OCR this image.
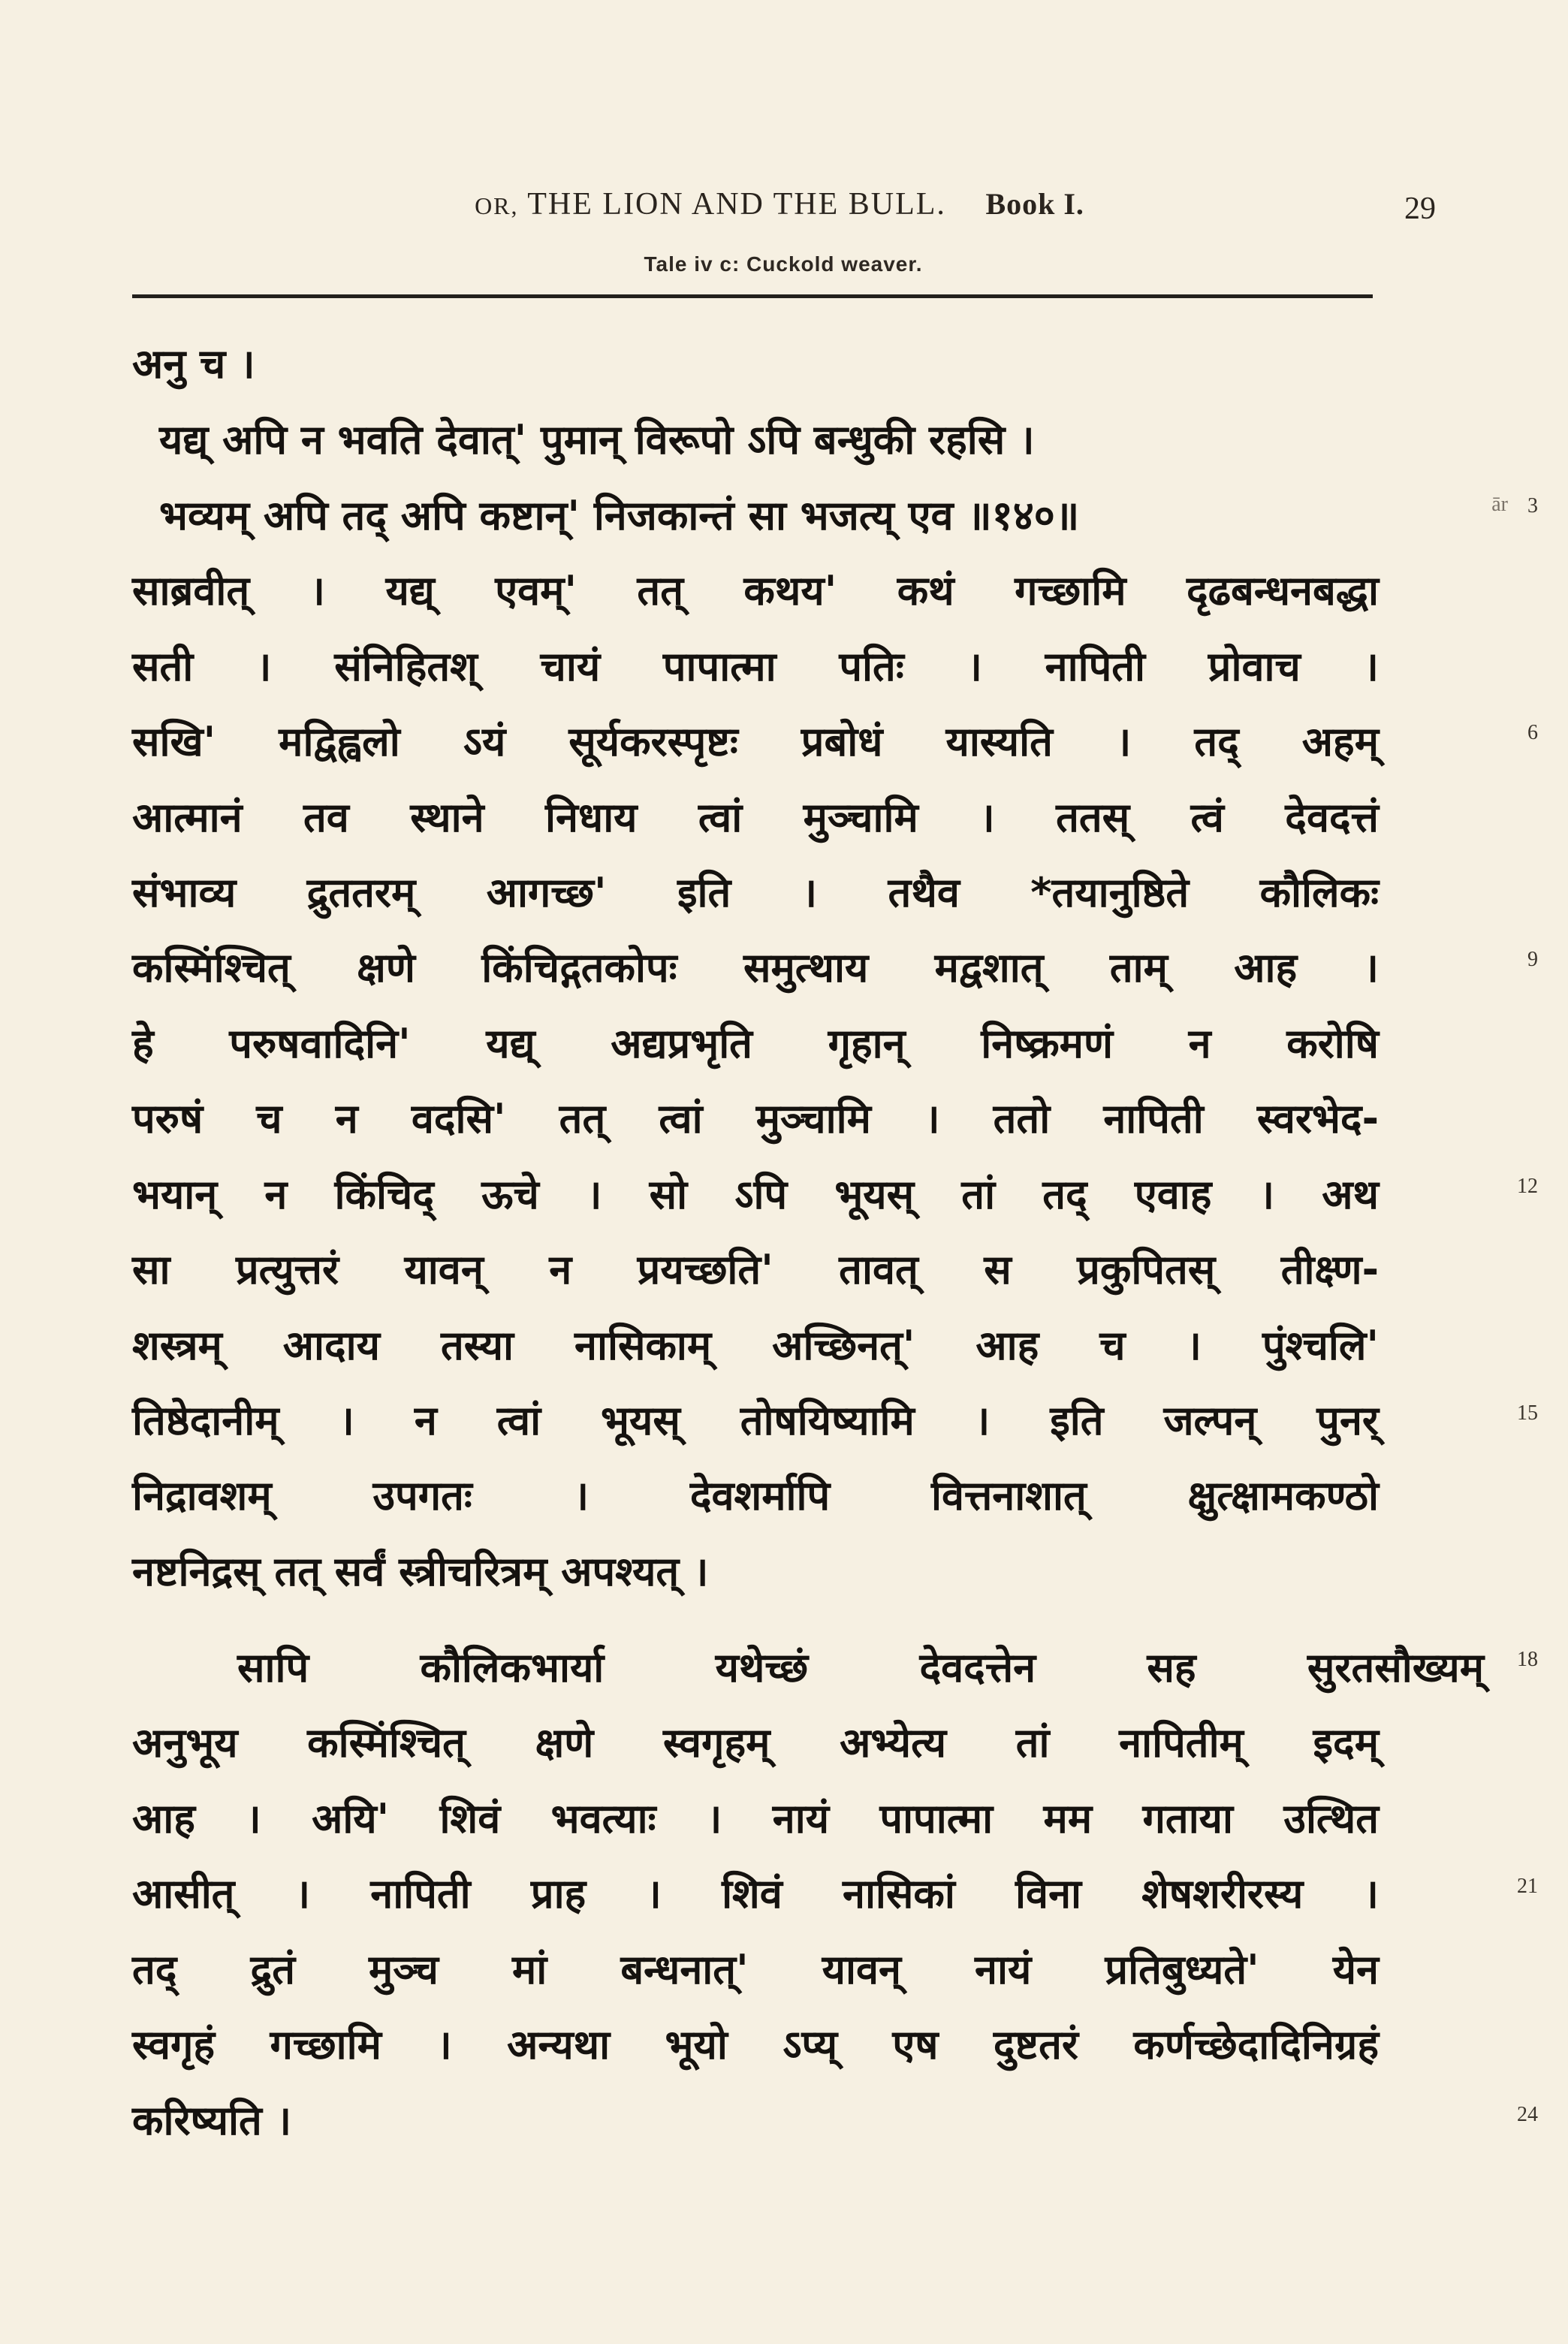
OR, THE LION AND THE BULL. Book I.	29
Tale iv c: Cuckold weaver.
अनु च ।
यद्य् अपि न भवति देवात्' पुमान् विरूपो ऽपि बन्धुकी रहसि ।
भव्यम् अपि तद् अपि कष्टान्' निजकान्तं सा भजत्य् एव ॥१४०॥
साब्रवीत् । यद्य् एवम्' तत् कथय' कथं गच्छामि दृढबन्धनबद्धा
सती । संनिहितश् चायं पापात्मा पतिः । नापिती प्रोवाच ।
सखि' मद्विह्वलो ऽयं सूर्यकरस्पृष्टः प्रबोधं यास्यति । तद् अहम्
आत्मानं तव स्थाने निधाय त्वां मुञ्चामि । ततस् त्वं देवदत्तं
संभाव्य द्रुततरम् आगच्छ' इति । तथैव *तयानुष्ठिते कौलिकः
कस्मिंश्चित् क्षणे किंचिद्गतकोपः समुत्थाय मद्वशात् ताम् आह ।
हे परुषवादिनि' यद्य् अद्यप्रभृति गृहान् निष्क्रमणं न करोषि
परुषं च न वदसि' तत् त्वां मुञ्चामि । ततो नापिती स्वरभेद-
भयान् न किंचिद् ऊचे । सो ऽपि भूयस् तां तद् एवाह । अथ
सा प्रत्युत्तरं यावन् न प्रयच्छति' तावत् स प्रकुपितस् तीक्ष्ण-
शस्त्रम् आदाय तस्या नासिकाम् अच्छिनत्' आह च । पुंश्चलि'
तिष्ठेदानीम् । न त्वां भूयस् तोषयिष्यामि । इति जल्पन् पुनर्
निद्रावशम् उपगतः । देवशर्मापि वित्तनाशात् क्षुत्क्षामकण्ठो
नष्टनिद्रस् तत् सर्वं स्त्रीचरित्रम् अपश्यत् ।
सापि कौलिकभार्या यथेच्छं देवदत्तेन सह सुरतसौख्यम्
अनुभूय कस्मिंश्चित् क्षणे स्वगृहम् अभ्येत्य तां नापितीम् इदम्
आह । अयि' शिवं भवत्याः । नायं पापात्मा मम गताया उत्थित
आसीत् । नापिती प्राह । शिवं नासिकां विना शेषशरीरस्य ।
तद् द्रुतं मुञ्च मां बन्धनात्' यावन् नायं प्रतिबुध्यते' येन
स्वगृहं गच्छामि । अन्यथा भूयो ऽप्य् एष दुष्टतरं कर्णच्छेदादिनिग्रहं
करिष्यति ।
ār 3
6
9
12
15
18
21
24
